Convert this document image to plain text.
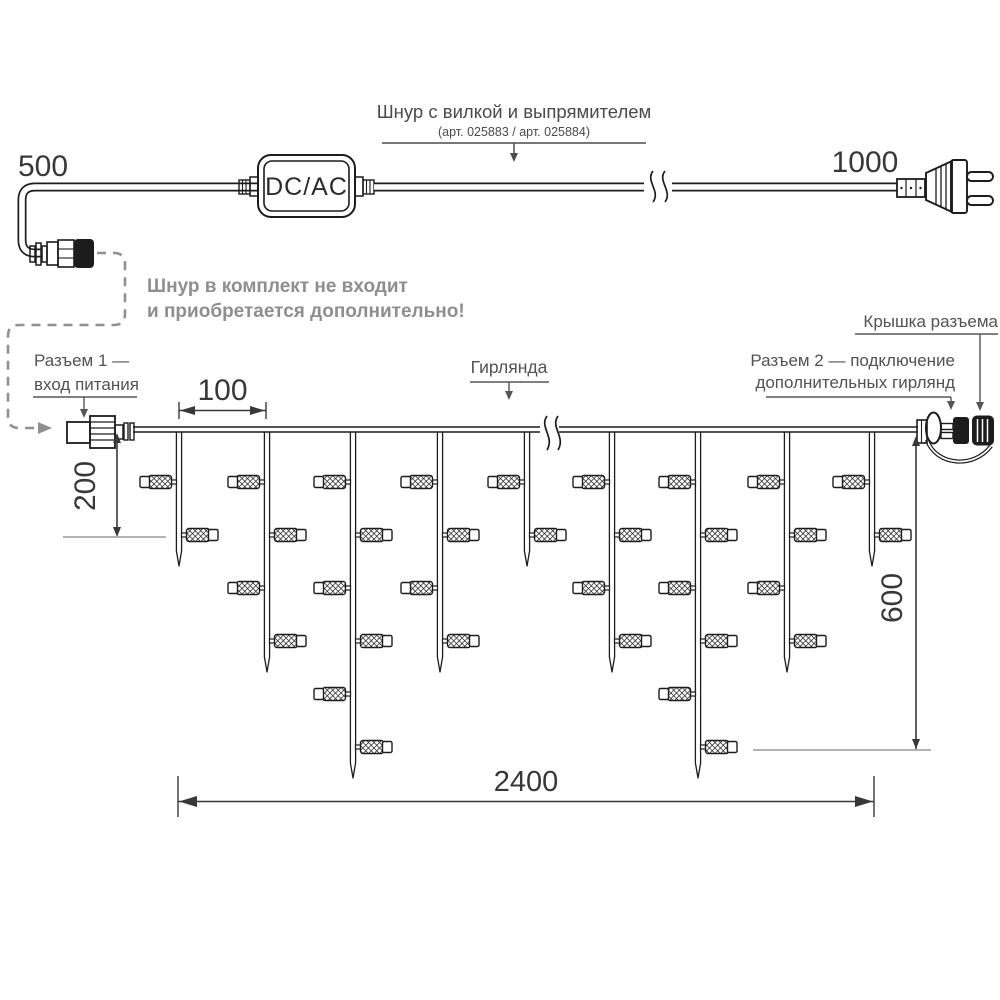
500
DC/AC
1000
Шнур с вилкой и выпрямителем
(арт. 025883 / арт. 025884)
Шнур в комплект не входит
и приобретается дополнительно!
Разъем 1 —
вход питания
Гирлянда
Крышка разъема
Разъем 2 — подключение
дополнительных гирлянд
200
100
600
2400
